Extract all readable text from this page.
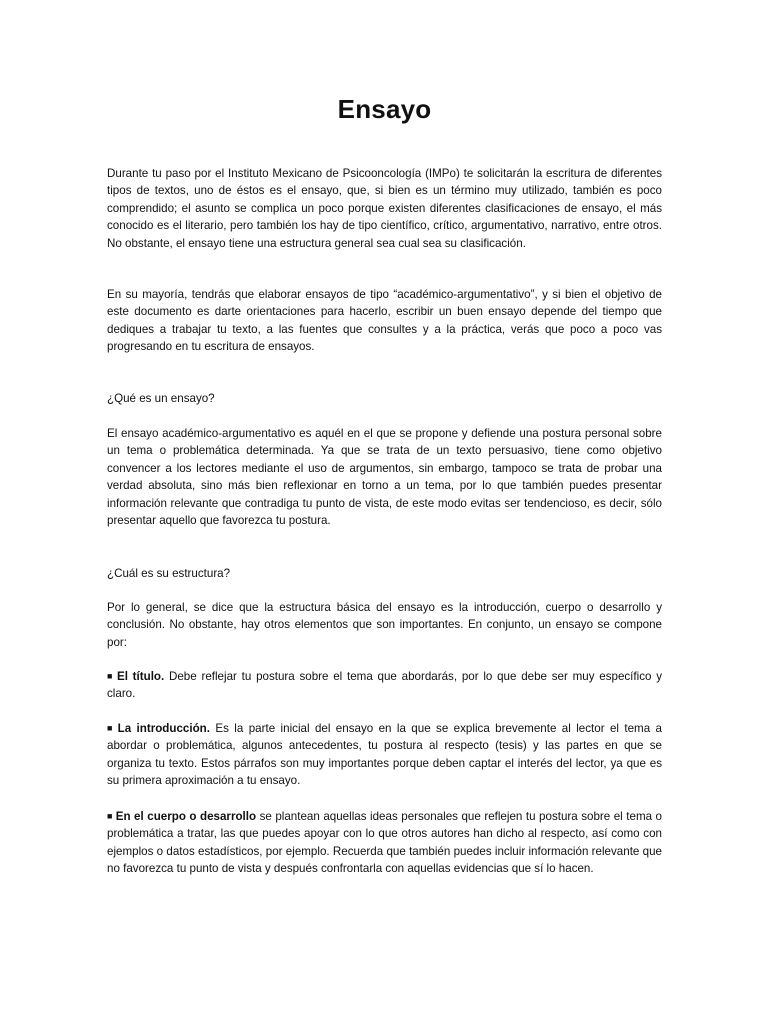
Ensayo

Durante tu paso por el Instituto Mexicano de Psicooncología (IMPo) te solicitarán la escritura de diferentes tipos de textos, uno de éstos es el ensayo, que, si bien es un término muy utilizado, también es poco comprendido; el asunto se complica un poco porque existen diferentes clasificaciones de ensayo, el más conocido es el literario, pero también los hay de tipo científico, crítico, argumentativo, narrativo, entre otros. No obstante, el ensayo tiene una estructura general sea cual sea su clasificación.

En su mayoría, tendrás que elaborar ensayos de tipo “académico-argumentativo”, y si bien el objetivo de este documento es darte orientaciones para hacerlo, escribir un buen ensayo depende del tiempo que dediques a trabajar tu texto, a las fuentes que consultes y a la práctica, verás que poco a poco vas progresando en tu escritura de ensayos.

¿Qué es un ensayo?

El ensayo académico-argumentativo es aquél en el que se propone y defiende una postura personal sobre un tema o problemática determinada. Ya que se trata de un texto persuasivo, tiene como objetivo convencer a los lectores mediante el uso de argumentos, sin embargo, tampoco se trata de probar una verdad absoluta, sino más bien reflexionar en torno a un tema, por lo que también puedes presentar información relevante que contradiga tu punto de vista, de este modo evitas ser tendencioso, es decir, sólo presentar aquello que favorezca tu postura.

¿Cuál es su estructura?

Por lo general, se dice que la estructura básica del ensayo es la introducción, cuerpo o desarrollo y conclusión. No obstante, hay otros elementos que son importantes. En conjunto, un ensayo se compone por:

■ El título. Debe reflejar tu postura sobre el tema que abordarás, por lo que debe ser muy específico y claro.

■ La introducción. Es la parte inicial del ensayo en la que se explica brevemente al lector el tema a abordar o problemática, algunos antecedentes, tu postura al respecto (tesis) y las partes en que se organiza tu texto. Estos párrafos son muy importantes porque deben captar el interés del lector, ya que es su primera aproximación a tu ensayo.

■ En el cuerpo o desarrollo se plantean aquellas ideas personales que reflejen tu postura sobre el tema o problemática a tratar, las que puedes apoyar con lo que otros autores han dicho al respecto, así como con ejemplos o datos estadísticos, por ejemplo. Recuerda que también puedes incluir información relevante que no favorezca tu punto de vista y después confrontarla con aquellas evidencias que sí lo hacen.
